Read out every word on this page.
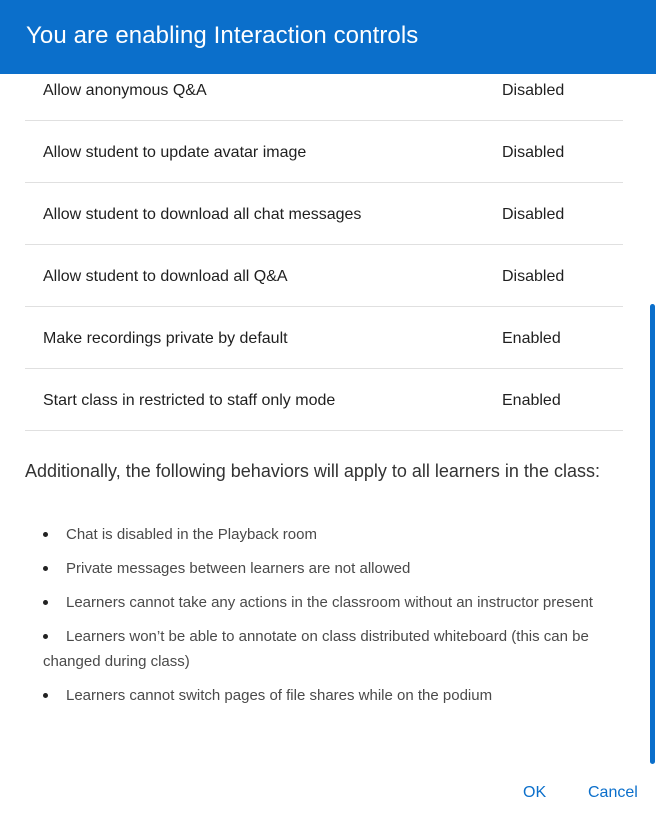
You are enabling Interaction controls
Allow anonymous Q&A	Disabled
Allow student to update avatar image	Disabled
Allow student to download all chat messages	Disabled
Allow student to download all Q&A	Disabled
Make recordings private by default	Enabled
Start class in restricted to staff only mode	Enabled
Additionally, the following behaviors will apply to all learners in the class:
Chat is disabled in the Playback room
Private messages between learners are not allowed
Learners cannot take any actions in the classroom without an instructor present
Learners won’t be able to annotate on class distributed whiteboard (this can be changed during class)
Learners cannot switch pages of file shares while on the podium
OK	Cancel
